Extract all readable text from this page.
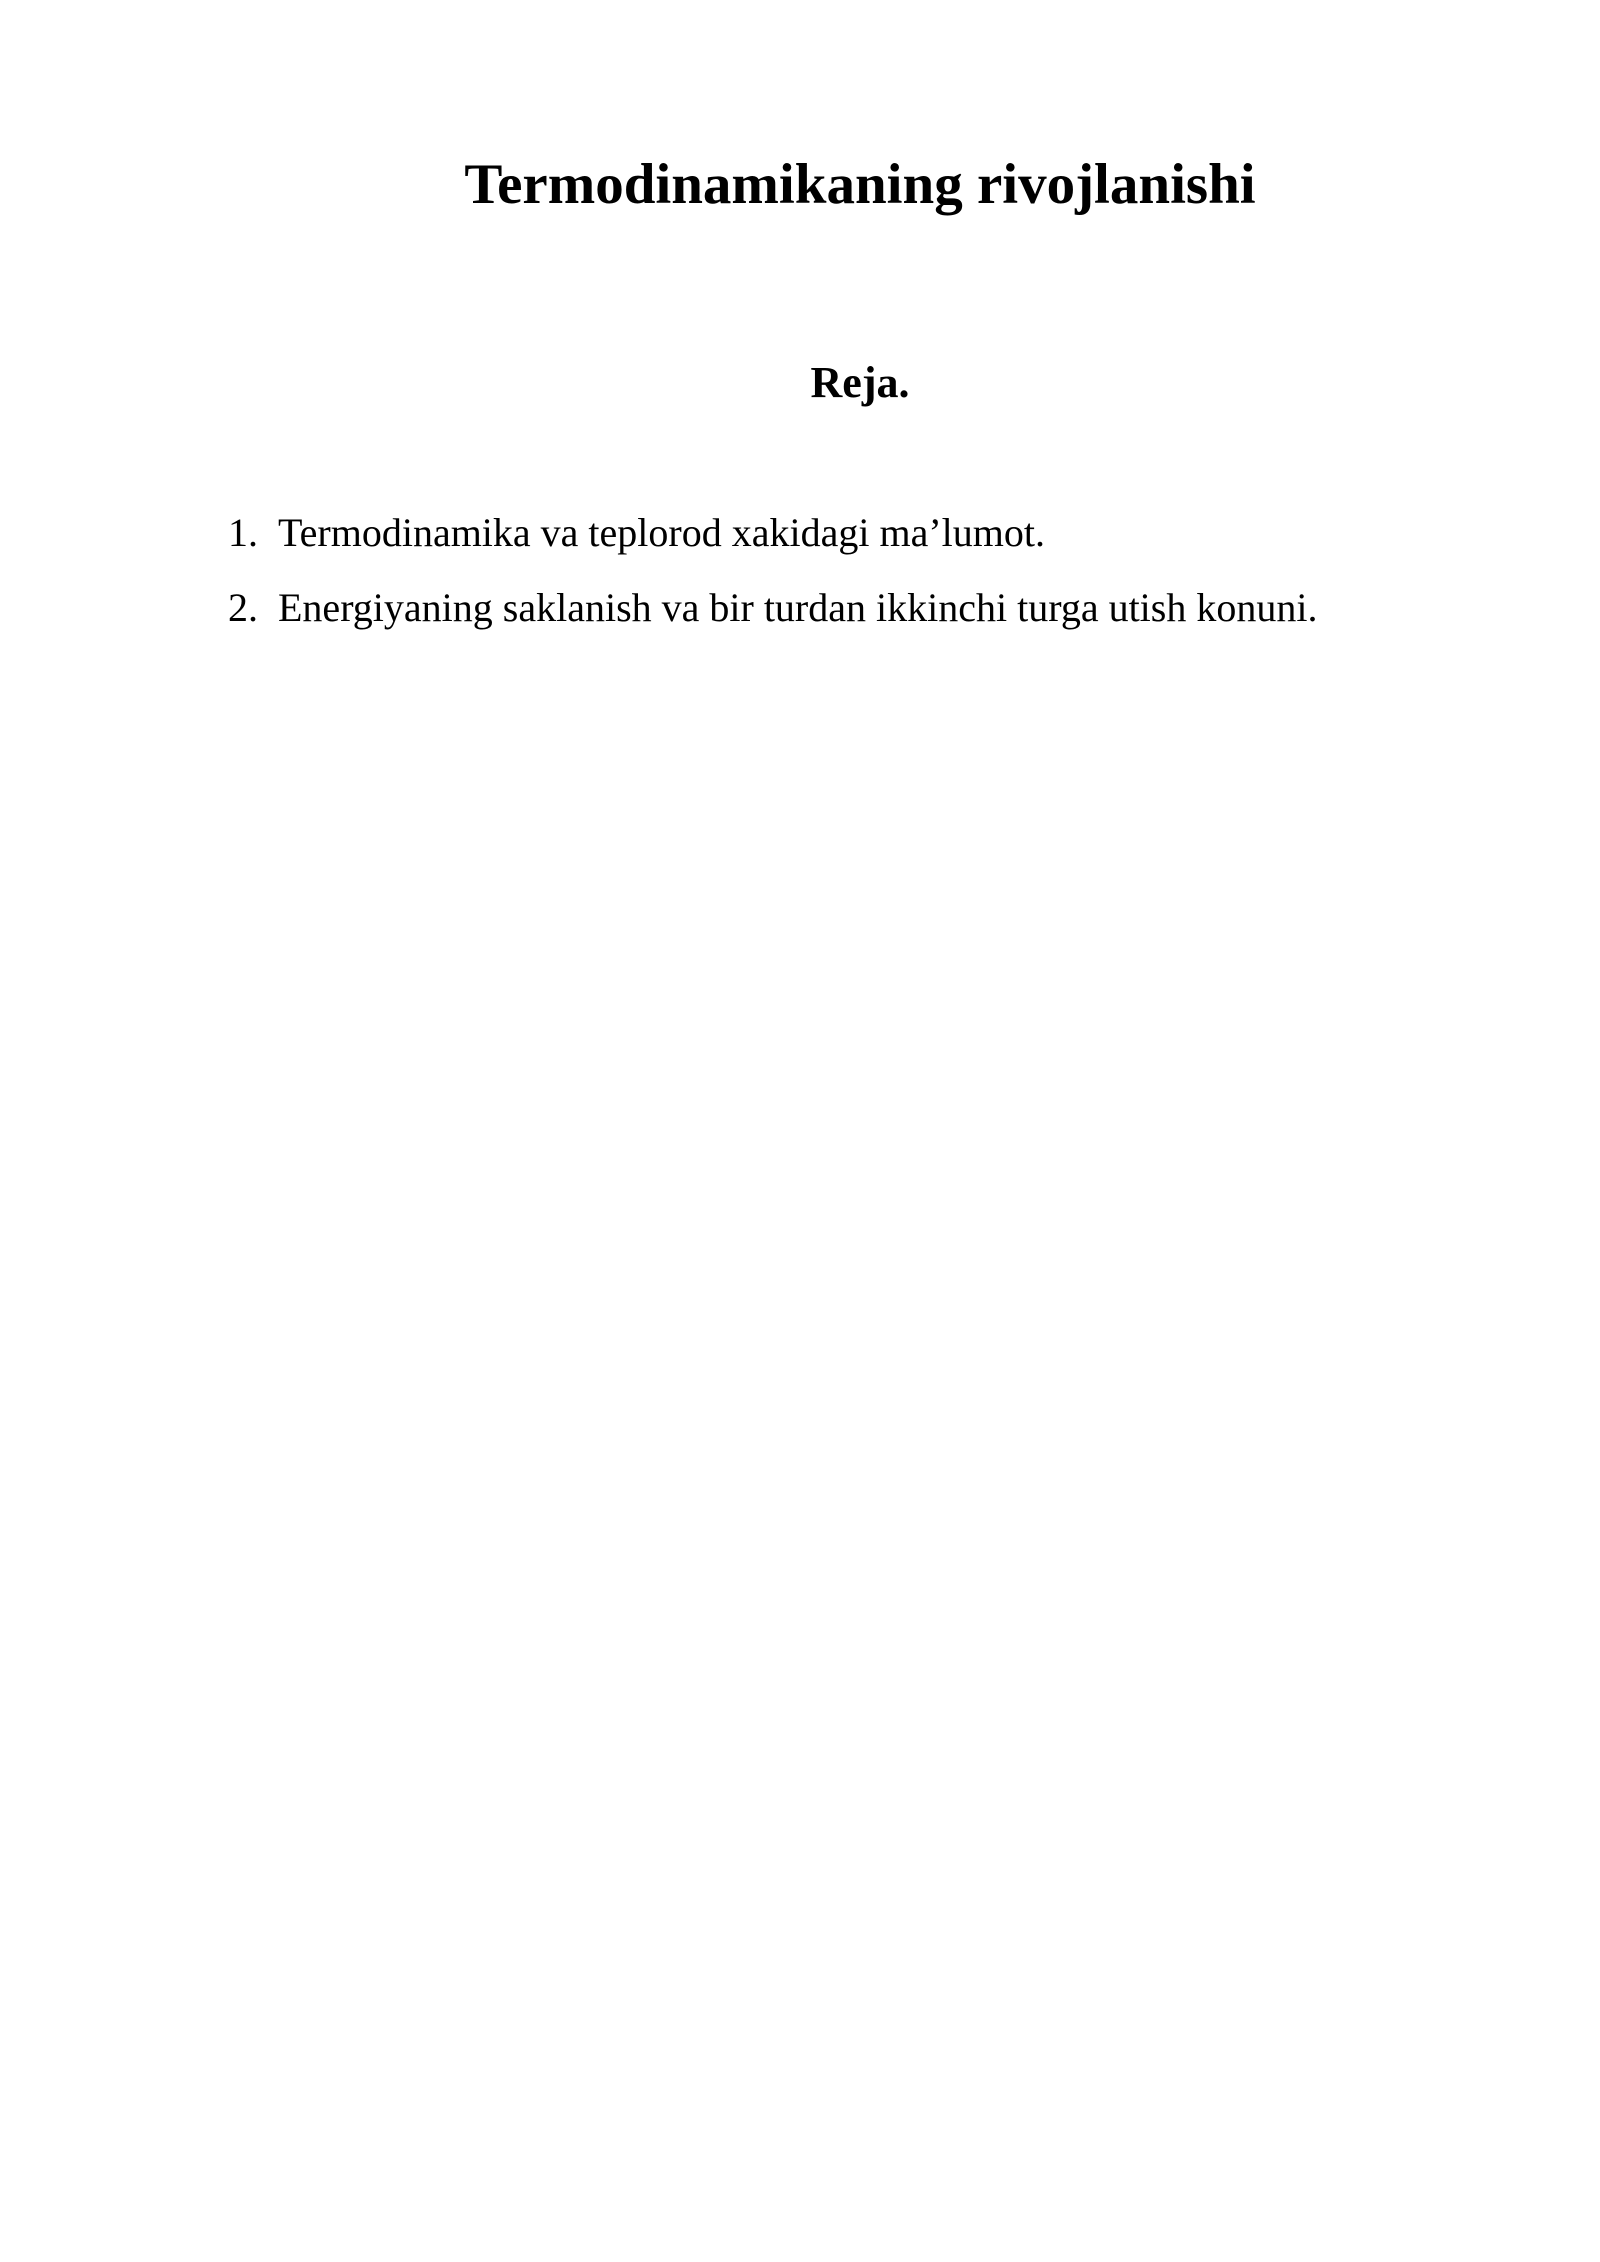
Termodinamikaning rivojlanishi
Reja.
1. Termodinamika va teplorod xakidagi ma’lumot.
2. Energiyaning saklanish va bir turdan ikkinchi turga utish konuni.
